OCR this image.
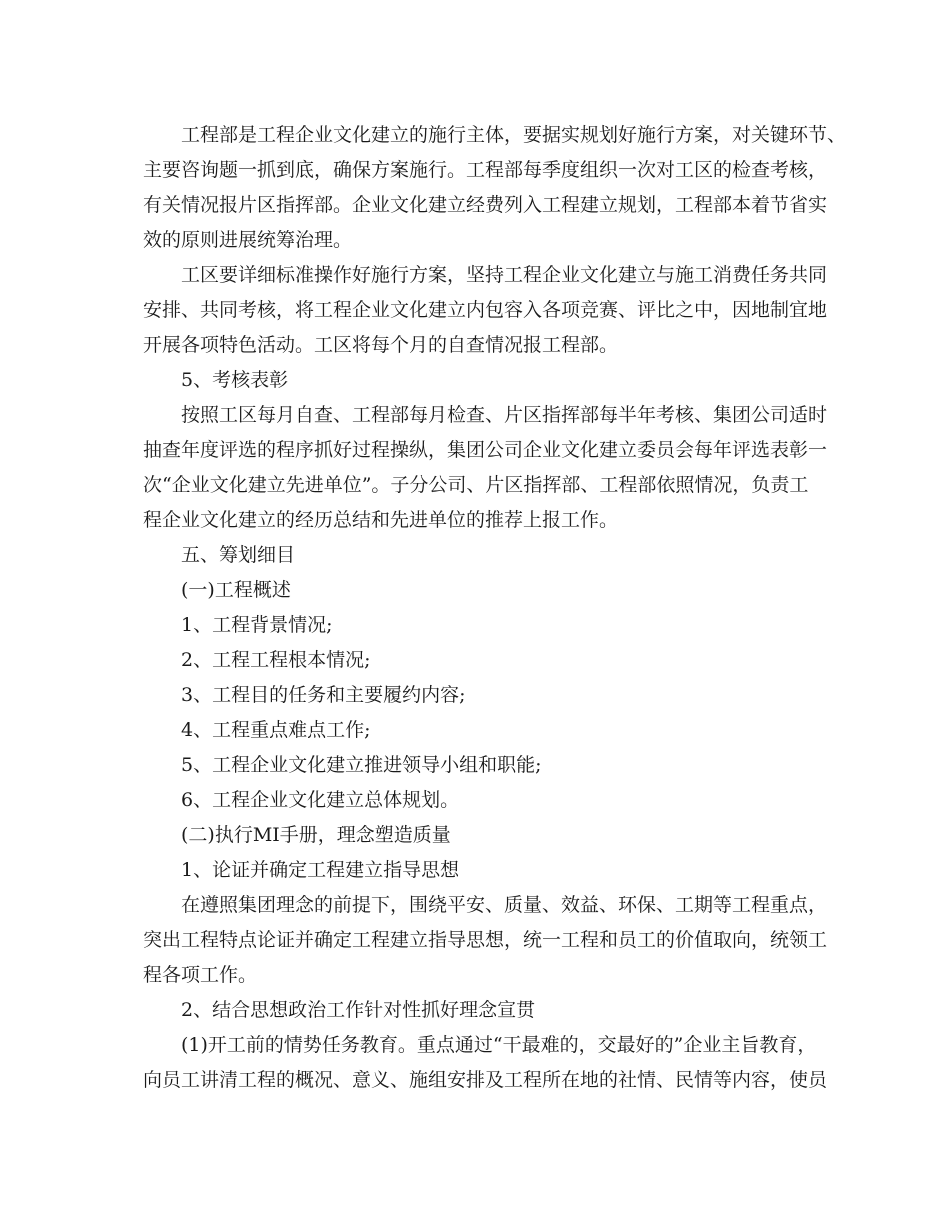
工程部是工程企业文化建立的施行主体，要据实规划好施行方案，对关键环节、
主要咨询题一抓到底，确保方案施行。工程部每季度组织一次对工区的检查考核，
有关情况报片区指挥部。企业文化建立经费列入工程建立规划，工程部本着节省实
效的原则进展统筹治理。

工区要详细标准操作好施行方案，坚持工程企业文化建立与施工消费任务共同
安排、共同考核，将工程企业文化建立内包容入各项竞赛、评比之中，因地制宜地
开展各项特色活动。工区将每个月的自查情况报工程部。

5、考核表彰

按照工区每月自查、工程部每月检查、片区指挥部每半年考核、集团公司适时
抽查年度评选的程序抓好过程操纵，集团公司企业文化建立委员会每年评选表彰一
次“企业文化建立先进单位”。子分公司、片区指挥部、工程部依照情况，负责工
程企业文化建立的经历总结和先进单位的推荐上报工作。

五、筹划细目

(一)工程概述

1、工程背景情况;

2、工程工程根本情况;

3、工程目的任务和主要履约内容;

4、工程重点难点工作;

5、工程企业文化建立推进领导小组和职能;

6、工程企业文化建立总体规划。

(二)执行MI手册，理念塑造质量

1、论证并确定工程建立指导思想

在遵照集团理念的前提下，围绕平安、质量、效益、环保、工期等工程重点，
突出工程特点论证并确定工程建立指导思想，统一工程和员工的价值取向，统领工
程各项工作。

2、结合思想政治工作针对性抓好理念宣贯

(1)开工前的情势任务教育。重点通过“干最难的，交最好的”企业主旨教育，
向员工讲清工程的概况、意义、施组安排及工程所在地的社情、民情等内容，使员
